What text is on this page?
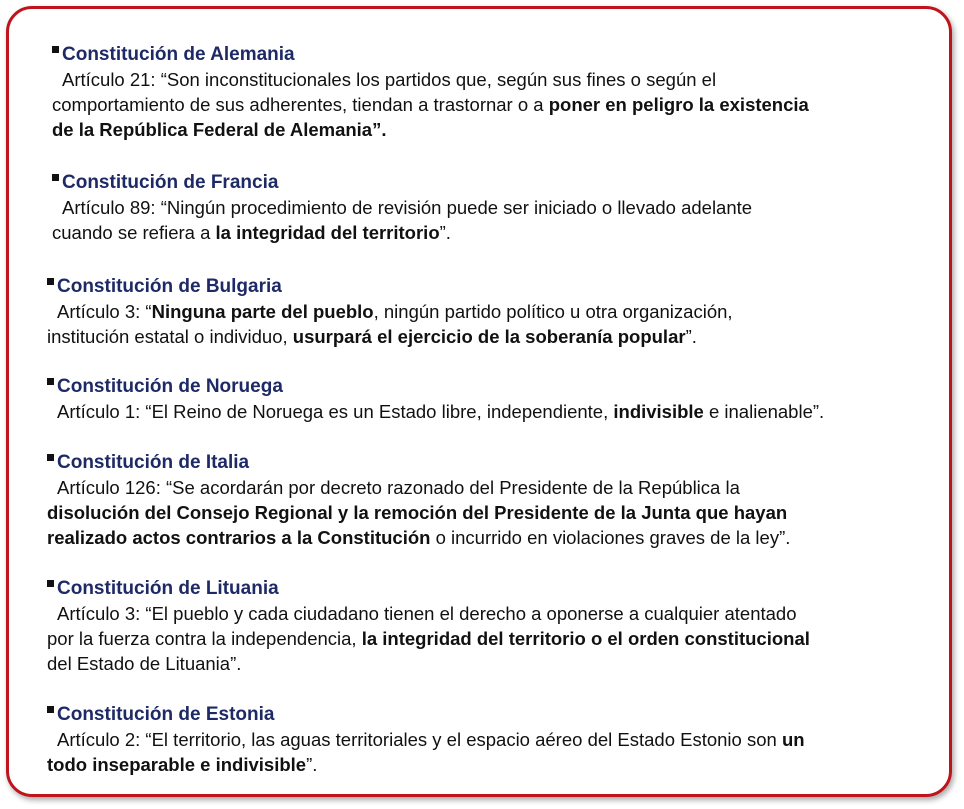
Constitución de Alemania

Artículo 21: “Son inconstitucionales los partidos que, según sus fines o según el

comportamiento de sus adherentes, tiendan a trastornar o a poner en peligro la existencia

de la República Federal de Alemania”.

Constitución de Francia

Artículo 89: “Ningún procedimiento de revisión puede ser iniciado o llevado adelante

cuando se refiera a la integridad del territorio”.

Constitución de Bulgaria

Artículo 3: “Ninguna parte del pueblo, ningún partido político u otra organización,

institución estatal o individuo, usurpará el ejercicio de la soberanía popular”.

Constitución de Noruega

Artículo 1: “El Reino de Noruega es un Estado libre, independiente, indivisible e inalienable”.

Constitución de Italia

Artículo 126: “Se acordarán por decreto razonado del Presidente de la República la

disolución del Consejo Regional y la remoción del Presidente de la Junta que hayan

realizado actos contrarios a la Constitución o incurrido en violaciones graves de la ley”.

Constitución de Lituania

Artículo 3: “El pueblo y cada ciudadano tienen el derecho a oponerse a cualquier atentado

por la fuerza contra la independencia, la integridad del territorio o el orden constitucional

del Estado de Lituania”.

Constitución de Estonia

Artículo 2: “El territorio, las aguas territoriales y el espacio aéreo del Estado Estonio son un

todo inseparable e indivisible”.
